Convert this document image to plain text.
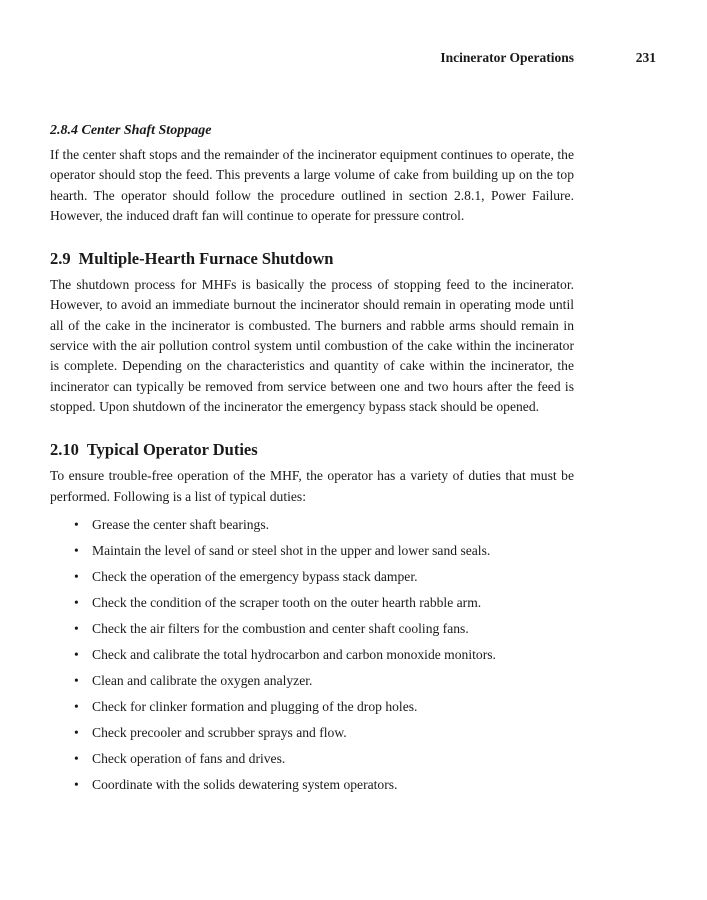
Incinerator Operations	231
2.8.4 Center Shaft Stoppage

If the center shaft stops and the remainder of the incinerator equipment continues to operate, the operator should stop the feed. This prevents a large volume of cake from building up on the top hearth. The operator should follow the procedure outlined in section 2.8.1, Power Failure. However, the induced draft fan will continue to operate for pressure control.

2.9 Multiple-Hearth Furnace Shutdown

The shutdown process for MHFs is basically the process of stopping feed to the incinerator. However, to avoid an immediate burnout the incinerator should remain in operating mode until all of the cake in the incinerator is combusted. The burners and rabble arms should remain in service with the air pollution control system until combustion of the cake within the incinerator is complete. Depending on the characteristics and quantity of cake within the incinerator, the incinerator can typically be removed from service between one and two hours after the feed is stopped. Upon shutdown of the incinerator the emergency bypass stack should be opened.

2.10 Typical Operator Duties

To ensure trouble-free operation of the MHF, the operator has a variety of duties that must be performed. Following is a list of typical duties:

• Grease the center shaft bearings.
• Maintain the level of sand or steel shot in the upper and lower sand seals.
• Check the operation of the emergency bypass stack damper.
• Check the condition of the scraper tooth on the outer hearth rabble arm.
• Check the air filters for the combustion and center shaft cooling fans.
• Check and calibrate the total hydrocarbon and carbon monoxide monitors.
• Clean and calibrate the oxygen analyzer.
• Check for clinker formation and plugging of the drop holes.
• Check precooler and scrubber sprays and flow.
• Check operation of fans and drives.
• Coordinate with the solids dewatering system operators.
